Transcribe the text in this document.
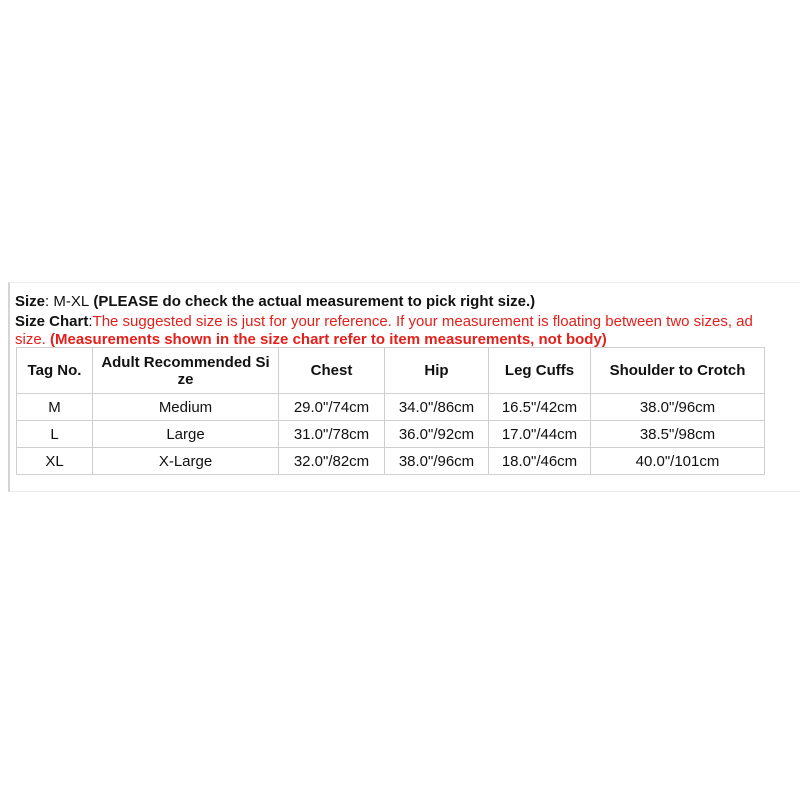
Size: M-XL (PLEASE do check the actual measurement to pick right size.)
Size Chart:The suggested size is just for your reference. If your measurement is floating between two sizes, ad
size. (Measurements shown in the size chart refer to item measurements, not body)
Tag No.	Adult Recommended Si ze	Chest	Hip	Leg Cuffs	Shoulder to Crotch
M	Medium	29.0"/74cm	34.0"/86cm	16.5"/42cm	38.0"/96cm
L	Large	31.0"/78cm	36.0"/92cm	17.0"/44cm	38.5"/98cm
XL	X-Large	32.0"/82cm	38.0"/96cm	18.0"/46cm	40.0"/101cm
